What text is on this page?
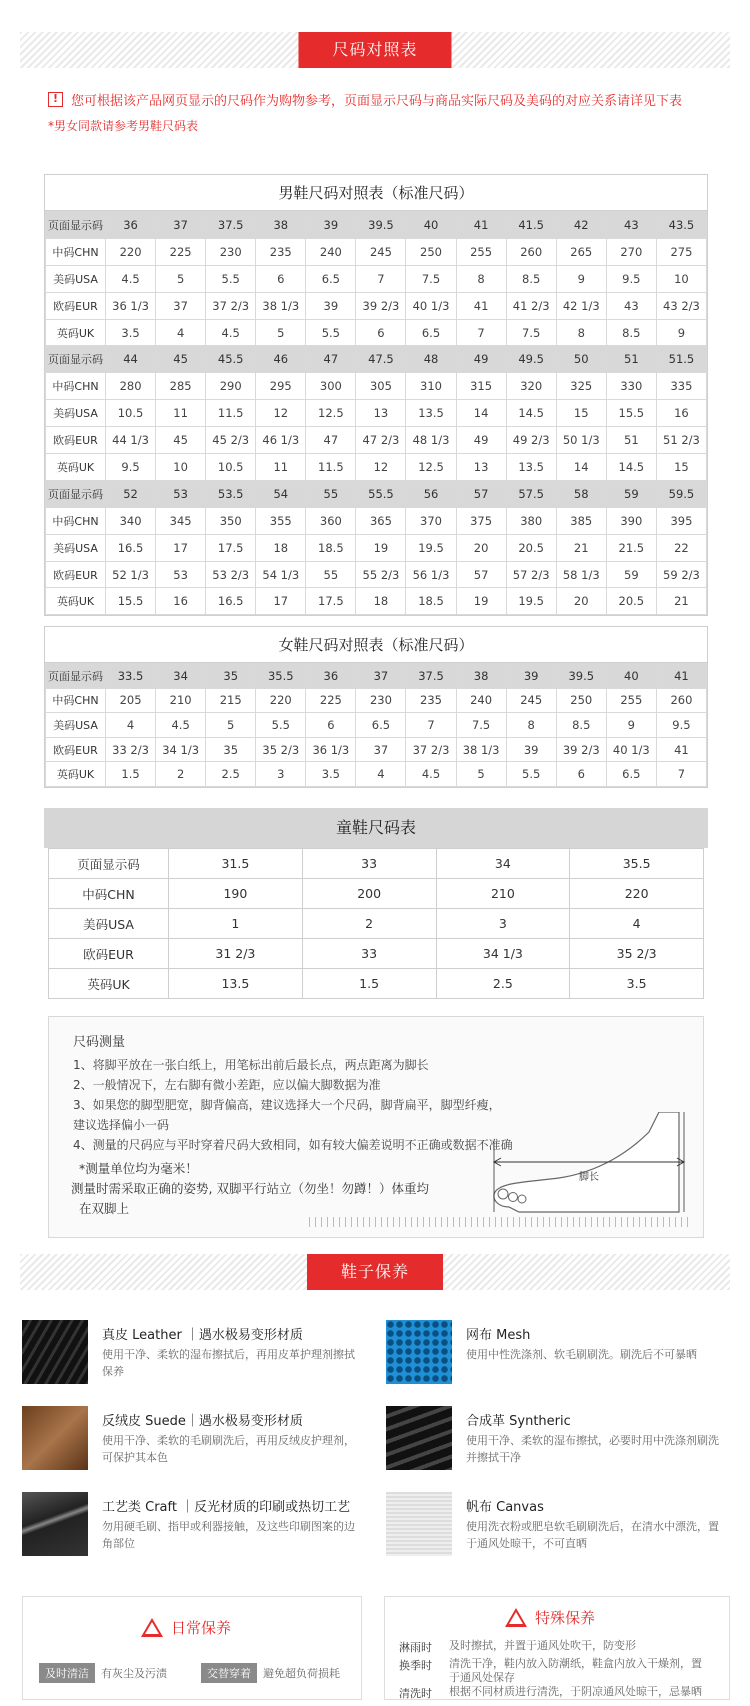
尺码对照表
! 您可根据该产品网页显示的尺码作为购物参考，页面显示尺码与商品实际尺码及美码的对应关系请详见下表
*男女同款请参考男鞋尺码表
男鞋尺码对照表（标准尺码）
页面显示码	36	37	37.5	38	39	39.5	40	41	41.5	42	43	43.5
中码CHN	220	225	230	235	240	245	250	255	260	265	270	275
美码USA	4.5	5	5.5	6	6.5	7	7.5	8	8.5	9	9.5	10
欧码EUR	36 1/3	37	37 2/3	38 1/3	39	39 2/3	40 1/3	41	41 2/3	42 1/3	43	43 2/3
英码UK	3.5	4	4.5	5	5.5	6	6.5	7	7.5	8	8.5	9
页面显示码	44	45	45.5	46	47	47.5	48	49	49.5	50	51	51.5
中码CHN	280	285	290	295	300	305	310	315	320	325	330	335
美码USA	10.5	11	11.5	12	12.5	13	13.5	14	14.5	15	15.5	16
欧码EUR	44 1/3	45	45 2/3	46 1/3	47	47 2/3	48 1/3	49	49 2/3	50 1/3	51	51 2/3
英码UK	9.5	10	10.5	11	11.5	12	12.5	13	13.5	14	14.5	15
页面显示码	52	53	53.5	54	55	55.5	56	57	57.5	58	59	59.5
中码CHN	340	345	350	355	360	365	370	375	380	385	390	395
美码USA	16.5	17	17.5	18	18.5	19	19.5	20	20.5	21	21.5	22
欧码EUR	52 1/3	53	53 2/3	54 1/3	55	55 2/3	56 1/3	57	57 2/3	58 1/3	59	59 2/3
英码UK	15.5	16	16.5	17	17.5	18	18.5	19	19.5	20	20.5	21
女鞋尺码对照表（标准尺码）
页面显示码	33.5	34	35	35.5	36	37	37.5	38	39	39.5	40	41
中码CHN	205	210	215	220	225	230	235	240	245	250	255	260
美码USA	4	4.5	5	5.5	6	6.5	7	7.5	8	8.5	9	9.5
欧码EUR	33 2/3	34 1/3	35	35 2/3	36 1/3	37	37 2/3	38 1/3	39	39 2/3	40 1/3	41
英码UK	1.5	2	2.5	3	3.5	4	4.5	5	5.5	6	6.5	7
童鞋尺码表
页面显示码	31.5	33	34	35.5
中码CHN	190	200	210	220
美码USA	1	2	3	4
欧码EUR	31 2/3	33	34 1/3	35 2/3
英码UK	13.5	1.5	2.5	3.5
尺码测量
1、将脚平放在一张白纸上，用笔标出前后最长点，两点距离为脚长
2、一般情况下，左右脚有微小差距，应以偏大脚数据为准
3、如果您的脚型肥宽，脚背偏高，建议选择大一个尺码，脚背扁平，脚型纤瘦，
建议选择偏小一码
4、测量的尺码应与平时穿着尺码大致相同，如有较大偏差说明不正确或数据不准确
*测量单位均为毫米！
测量时需采取正确的姿势, 双脚平行站立（勿坐！勿蹲！）体重均
在双脚上
脚长
鞋子保养
真皮 Leather ｜遇水极易变形材质
使用干净、柔软的湿布擦拭后，再用皮革护理剂擦拭保养
网布 Mesh
使用中性洗涤剂、软毛刷刷洗。刷洗后不可暴晒
反绒皮 Suede｜遇水极易变形材质
使用干净、柔软的毛刷刷洗后，再用反绒皮护理剂，可保护其本色
合成革 Syntheric
使用干净、柔软的湿布擦拭，必要时用中洗涤剂刷洗并擦拭干净
工艺类 Craft ｜反光材质的印刷或热切工艺
勿用硬毛刷、指甲或利器接触，及这些印刷图案的边角部位
帆布 Canvas
使用洗衣粉或肥皂软毛刷刷洗后，在清水中漂洗，置于通风处晾干，不可直晒
日常保养
及时清洁	有灰尘及污渍	交替穿着	避免超负荷损耗
特殊保养
淋雨时	及时擦拭，并置于通风处吹干，防变形
换季时	清洗干净，鞋内放入防潮纸，鞋盒内放入干燥剂，置于通风处保存
清洗时	根据不同材质进行清洗，于阴凉通风处晾干，忌暴晒
